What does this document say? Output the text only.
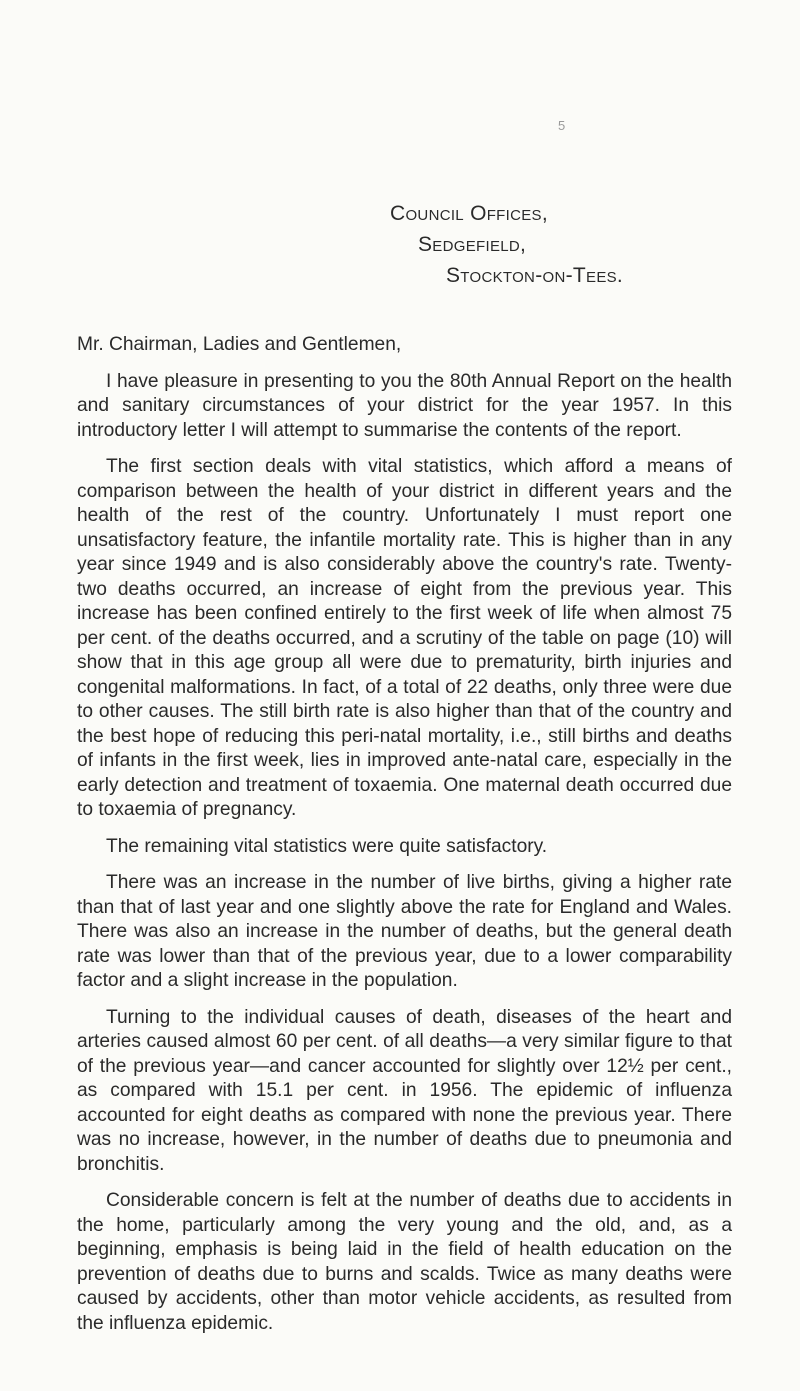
5
Council Offices,
Sedgefield,
Stockton-on-Tees.

Mr. Chairman, Ladies and Gentlemen,

I have pleasure in presenting to you the 80th Annual Report on the health and sanitary circumstances of your district for the year 1957. In this introductory letter I will attempt to summarise the contents of the report.

The first section deals with vital statistics, which afford a means of comparison between the health of your district in different years and the health of the rest of the country. Unfortunately I must report one unsatisfactory feature, the infantile mortality rate. This is higher than in any year since 1949 and is also considerably above the country's rate. Twenty-two deaths occurred, an increase of eight from the previous year. This increase has been confined entirely to the first week of life when almost 75 per cent. of the deaths occurred, and a scrutiny of the table on page (10) will show that in this age group all were due to prematurity, birth injuries and congenital malformations. In fact, of a total of 22 deaths, only three were due to other causes. The still birth rate is also higher than that of the country and the best hope of reducing this peri-natal mortality, i.e., still births and deaths of infants in the first week, lies in improved ante-natal care, especially in the early detection and treatment of toxaemia. One maternal death occurred due to toxaemia of pregnancy.

The remaining vital statistics were quite satisfactory.

There was an increase in the number of live births, giving a higher rate than that of last year and one slightly above the rate for England and Wales. There was also an increase in the number of deaths, but the general death rate was lower than that of the previous year, due to a lower comparability factor and a slight increase in the population.

Turning to the individual causes of death, diseases of the heart and arteries caused almost 60 per cent. of all deaths—a very similar figure to that of the previous year—and cancer accounted for slightly over 12½ per cent., as compared with 15.1 per cent. in 1956. The epidemic of influenza accounted for eight deaths as compared with none the previous year. There was no increase, however, in the number of deaths due to pneumonia and bronchitis.

Considerable concern is felt at the number of deaths due to accidents in the home, particularly among the very young and the old, and, as a beginning, emphasis is being laid in the field of health education on the prevention of deaths due to burns and scalds. Twice as many deaths were caused by accidents, other than motor vehicle accidents, as resulted from the influenza epidemic.
